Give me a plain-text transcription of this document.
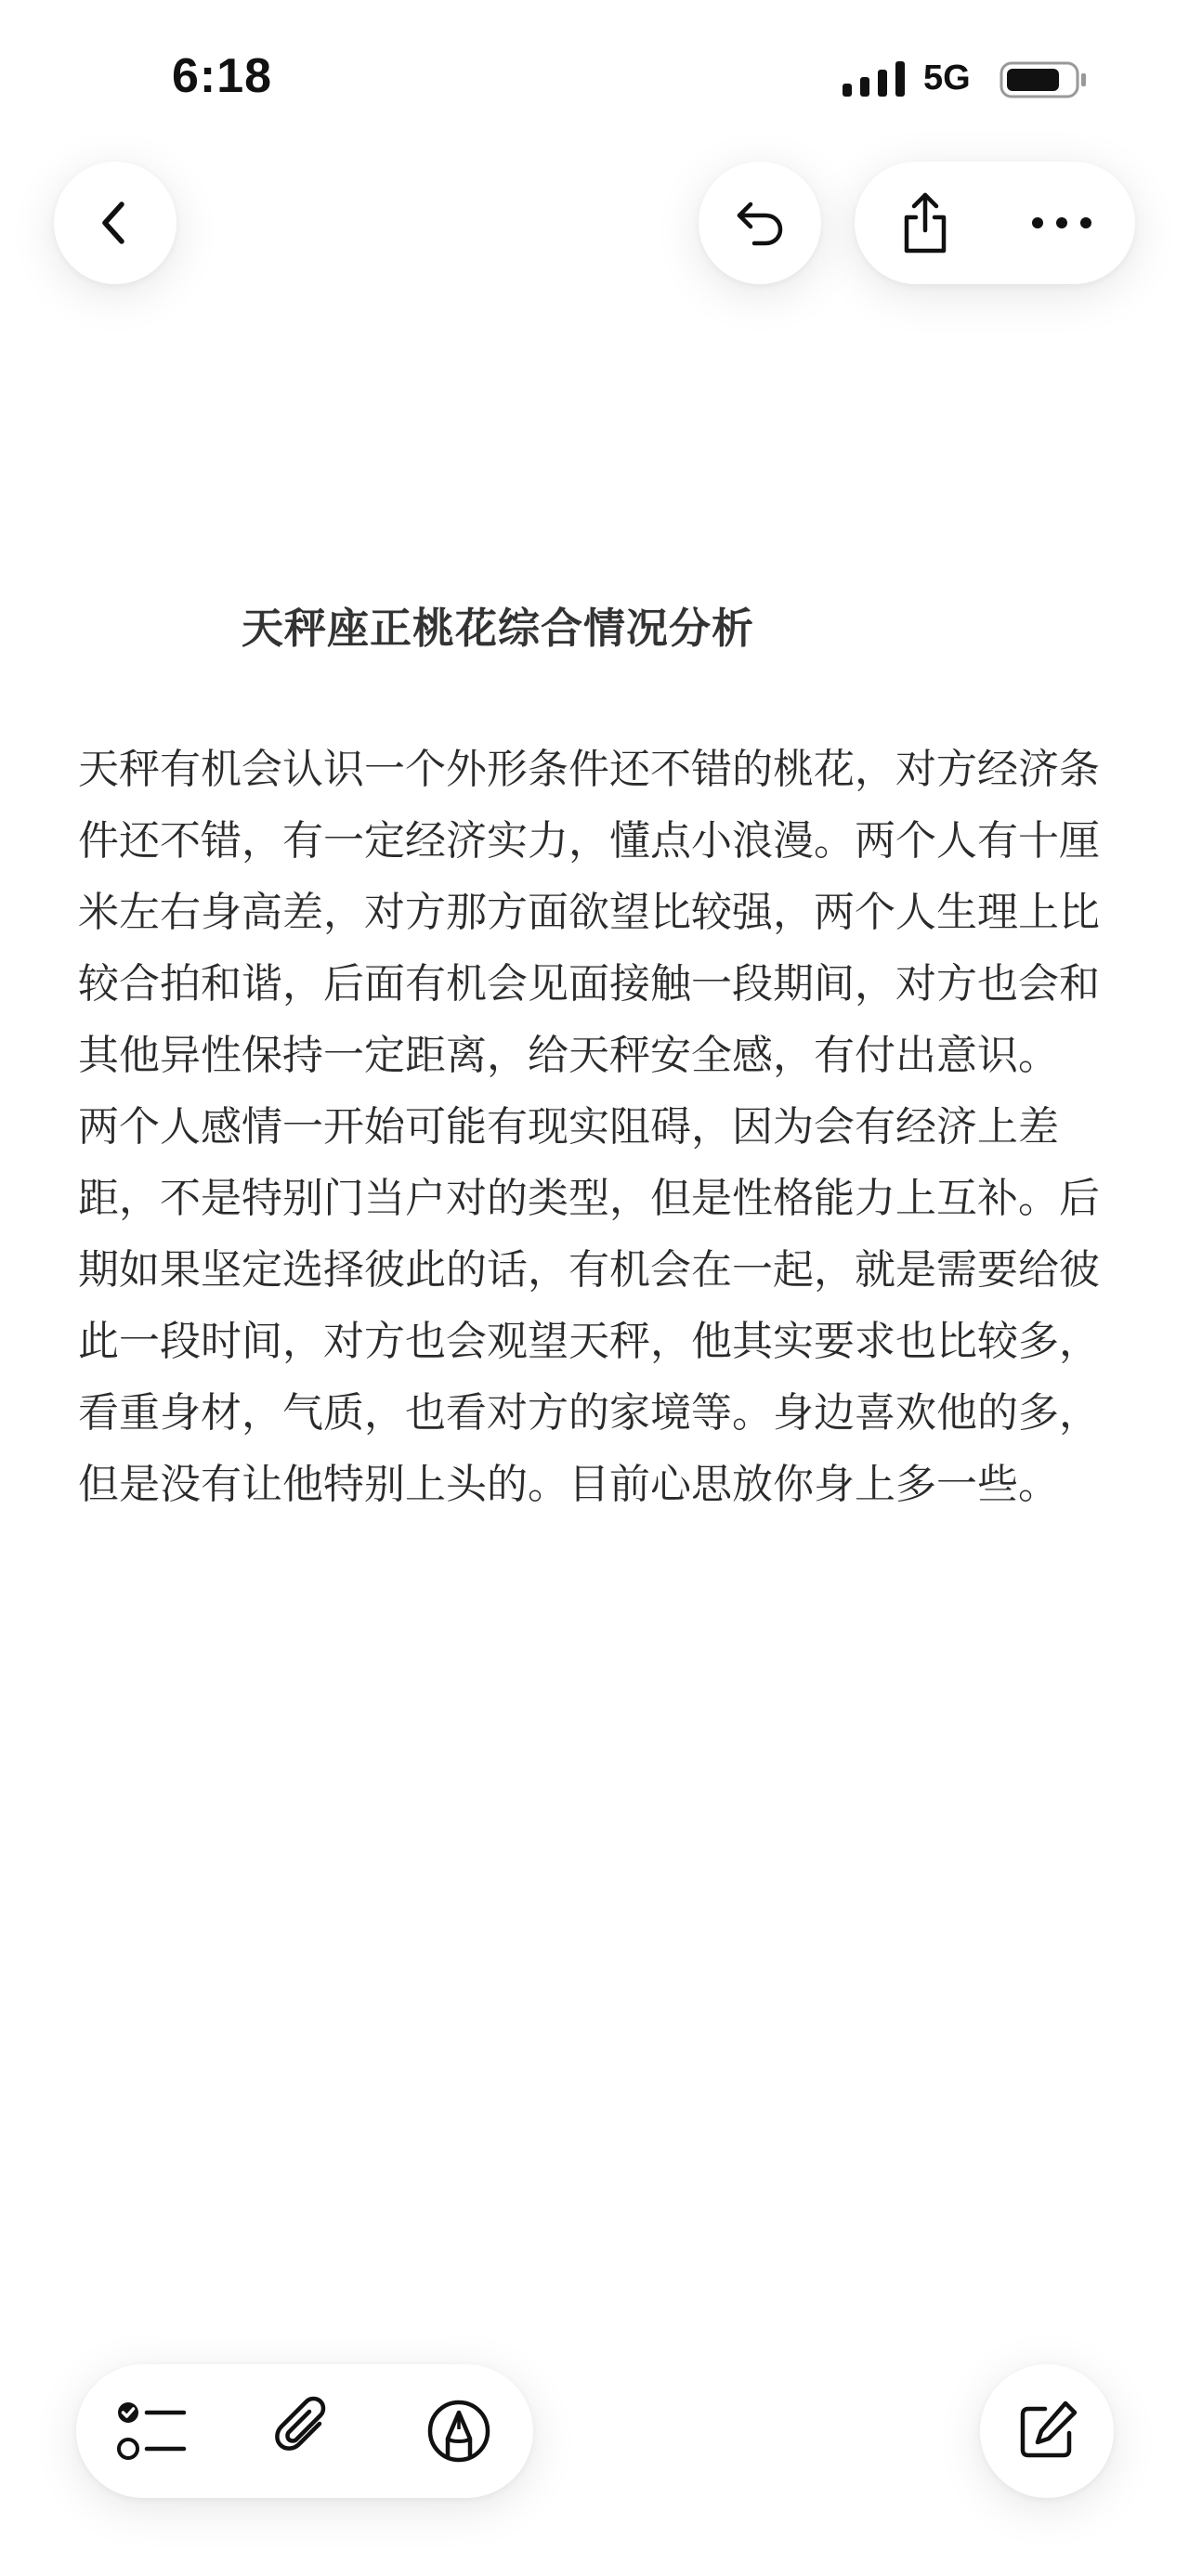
6:18	5G
天秤座正桃花综合情况分析

天秤有机会认识一个外形条件还不错的桃花，对方经济条件还不错，有一定经济实力，懂点小浪漫。两个人有十厘米左右身高差，对方那方面欲望比较强，两个人生理上比较合拍和谐，后面有机会见面接触一段期间，对方也会和其他异性保持一定距离，给天秤安全感，有付出意识。

两个人感情一开始可能有现实阻碍，因为会有经济上差距，不是特别门当户对的类型，但是性格能力上互补。后期如果坚定选择彼此的话，有机会在一起，就是需要给彼此一段时间，对方也会观望天秤，他其实要求也比较多，看重身材，气质，也看对方的家境等。身边喜欢他的多，但是没有让他特别上头的。目前心思放你身上多一些。
